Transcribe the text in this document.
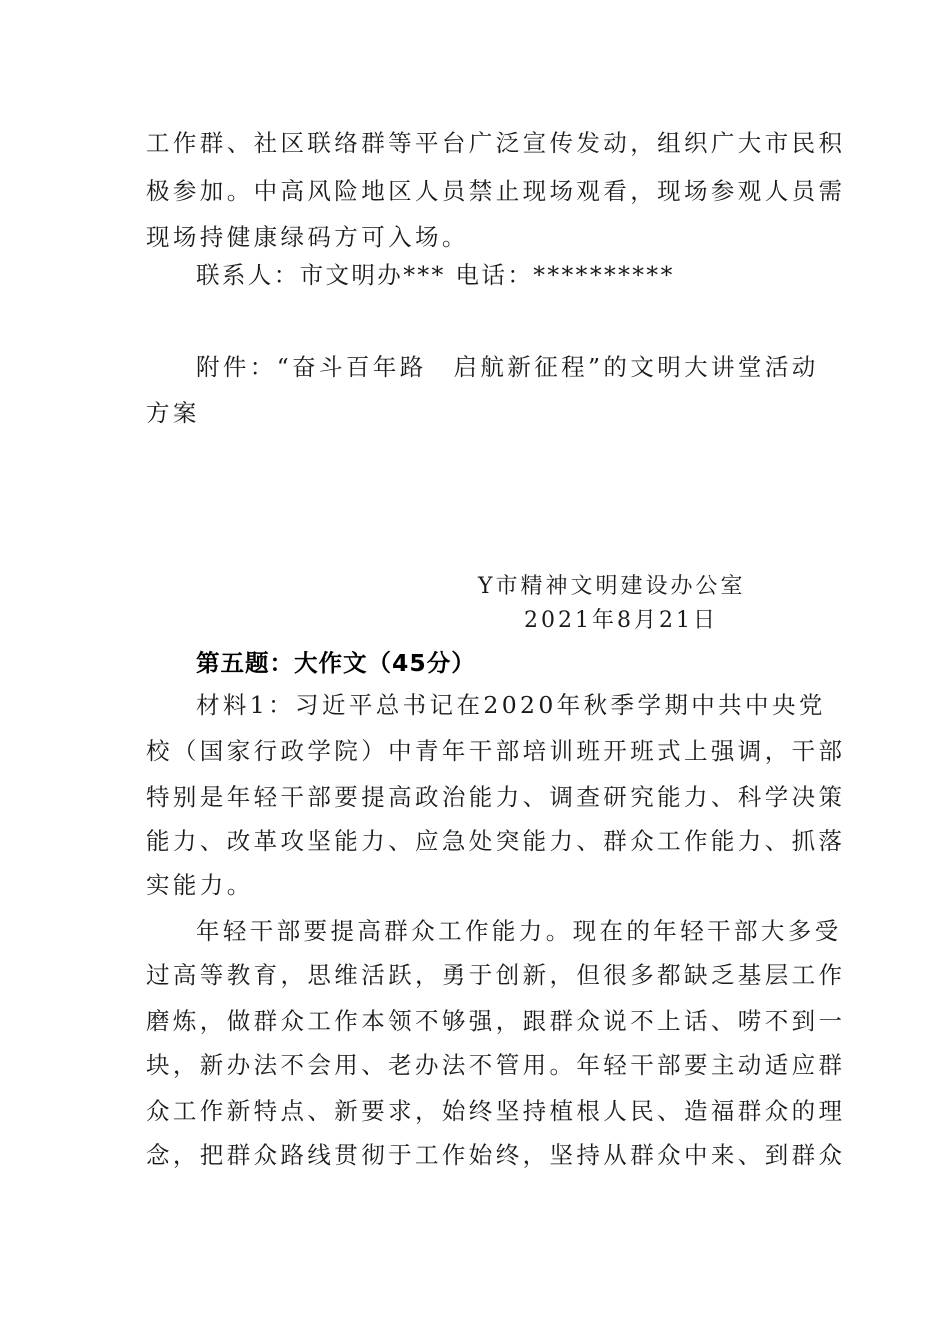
工作群、社区联络群等平台广泛宣传发动，组织广大市民积
极参加。中高风险地区人员禁止现场观看，现场参观人员需
现场持健康绿码方可入场。
联系人：市文明办*** 电话：**********
附件：“奋斗百年路　启航新征程”的文明大讲堂活动
方案
Y市精神文明建设办公室
2021年8月21日
第五题：大作文（45分）
材料1：习近平总书记在2020年秋季学期中共中央党
校（国家行政学院）中青年干部培训班开班式上强调，干部
特别是年轻干部要提高政治能力、调查研究能力、科学决策
能力、改革攻坚能力、应急处突能力、群众工作能力、抓落
实能力。
年轻干部要提高群众工作能力。现在的年轻干部大多受
过高等教育，思维活跃，勇于创新，但很多都缺乏基层工作
磨炼，做群众工作本领不够强，跟群众说不上话、唠不到一
块，新办法不会用、老办法不管用。年轻干部要主动适应群
众工作新特点、新要求，始终坚持植根人民、造福群众的理
念，把群众路线贯彻于工作始终，坚持从群众中来、到群众
